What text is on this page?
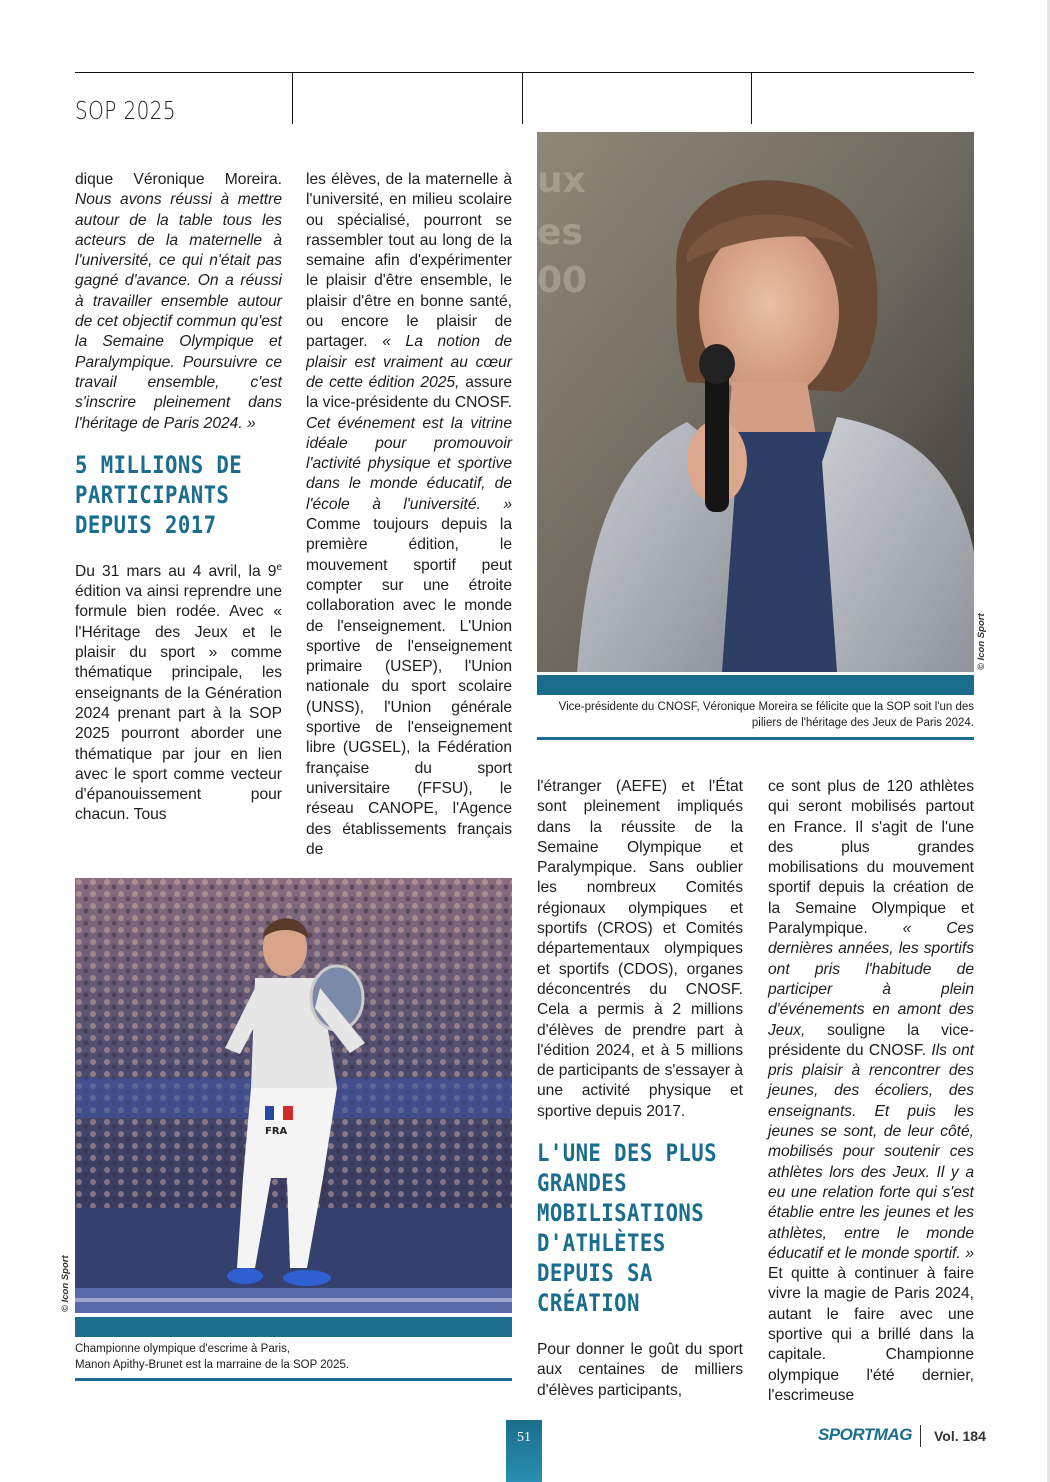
SOP 2025

dique Véronique Moreira. Nous avons réussi à mettre autour de la table tous les acteurs de la maternelle à l'université, ce qui n'était pas gagné d'avance. On a réussi à travailler ensemble autour de cet objectif commun qu'est la Semaine Olympique et Paralympique. Poursuivre ce travail ensemble, c'est s'inscrire pleinement dans l'héritage de Paris 2024. »

5 MILLIONS DE PARTICIPANTS DEPUIS 2017

Du 31 mars au 4 avril, la 9e édition va ainsi reprendre une formule bien rodée. Avec « l'Héritage des Jeux et le plaisir du sport » comme thématique principale, les enseignants de la Génération 2024 prenant part à la SOP 2025 pourront aborder une thématique par jour en lien avec le sport comme vecteur d'épanouissement pour chacun. Tous

les élèves, de la maternelle à l'université, en milieu scolaire ou spécialisé, pourront se rassembler tout au long de la semaine afin d'expérimenter le plaisir d'être ensemble, le plaisir d'être en bonne santé, ou encore le plaisir de partager. « La notion de plaisir est vraiment au cœur de cette édition 2025, assure la vice-présidente du CNOSF. Cet événement est la vitrine idéale pour promouvoir l'activité physique et sportive dans le monde éducatif, de l'école à l'université. » Comme toujours depuis la première édition, le mouvement sportif peut compter sur une étroite collaboration avec le monde de l'enseignement. L'Union sportive de l'enseignement primaire (USEP), l'Union nationale du sport scolaire (UNSS), l'Union générale sportive de l'enseignement libre (UGSEL), la Fédération française du sport universitaire (FFSU), le réseau CANOPE, l'Agence des établissements français de

l'étranger (AEFE) et l'État sont pleinement impliqués dans la réussite de la Semaine Olympique et Paralympique. Sans oublier les nombreux Comités régionaux olympiques et sportifs (CROS) et Comités départementaux olympiques et sportifs (CDOS), organes déconcentrés du CNOSF. Cela a permis à 2 millions d'élèves de prendre part à l'édition 2024, et à 5 millions de participants de s'essayer à une activité physique et sportive depuis 2017.

L'UNE DES PLUS GRANDES MOBILISATIONS D'ATHLÈTES DEPUIS SA CRÉATION

Pour donner le goût du sport aux centaines de milliers d'élèves participants,

ce sont plus de 120 athlètes qui seront mobilisés partout en France. Il s'agit de l'une des plus grandes mobilisations du mouvement sportif depuis la création de la Semaine Olympique et Paralympique. « Ces dernières années, les sportifs ont pris l'habitude de participer à plein d'événements en amont des Jeux, souligne la vice-présidente du CNOSF. Ils ont pris plaisir à rencontrer des jeunes, des écoliers, des enseignants. Et puis les jeunes se sont, de leur côté, mobilisés pour soutenir ces athlètes lors des Jeux. Il y a eu une relation forte qui s'est établie entre les jeunes et les athlètes, entre le monde éducatif et le monde sportif. » Et quitte à continuer à faire vivre la magie de Paris 2024, autant le faire avec une sportive qui a brillé dans la capitale. Championne olympique l'été dernier, l'escrimeuse

ux
es
00
© Icon Sport

Vice-présidente du CNOSF, Véronique Moreira se félicite que la SOP soit l'un des piliers de l'héritage des Jeux de Paris 2024.

FRA
© Icon Sport

Championne olympique d'escrime à Paris,
Manon Apithy-Brunet est la marraine de la SOP 2025.

51	SPORTMAG Vol. 184
